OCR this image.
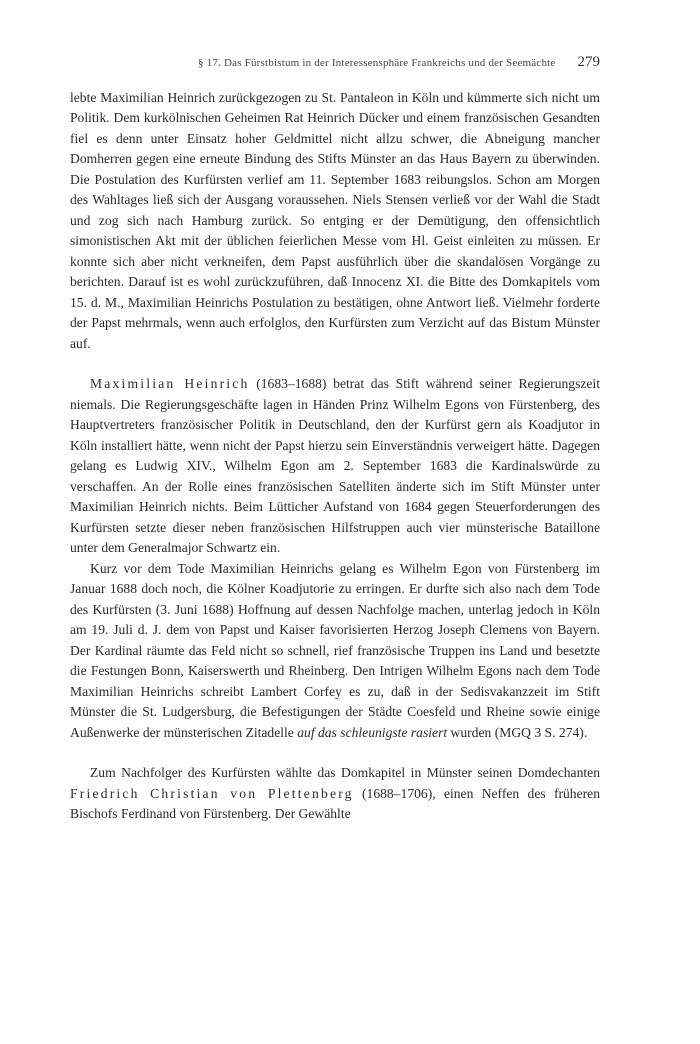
§ 17. Das Fürstbistum in der Interessensphäre Frankreichs und der Seemächte 279

lebte Maximilian Heinrich zurückgezogen zu St. Pantaleon in Köln und kümmerte sich nicht um Politik. Dem kurkölnischen Geheimen Rat Heinrich Dücker und einem französischen Gesandten fiel es denn unter Einsatz hoher Geldmittel nicht allzu schwer, die Abneigung mancher Domherren gegen eine erneute Bindung des Stifts Münster an das Haus Bayern zu überwinden. Die Postulation des Kurfürsten verlief am 11. September 1683 reibungslos. Schon am Morgen des Wahltages ließ sich der Ausgang voraussehen. Niels Stensen verließ vor der Wahl die Stadt und zog sich nach Hamburg zurück. So entging er der Demütigung, den offensichtlich simonistischen Akt mit der üblichen feierlichen Messe vom Hl. Geist einleiten zu müssen. Er konnte sich aber nicht verkneifen, dem Papst ausführlich über die skandalösen Vorgänge zu berichten. Darauf ist es wohl zurückzuführen, daß Innocenz XI. die Bitte des Domkapitels vom 15. d. M., Maximilian Heinrichs Postulation zu bestätigen, ohne Antwort ließ. Vielmehr forderte der Papst mehrmals, wenn auch erfolglos, den Kurfürsten zum Verzicht auf das Bistum Münster auf.

Maximilian Heinrich (1683–1688) betrat das Stift während seiner Regierungszeit niemals. Die Regierungsgeschäfte lagen in Händen Prinz Wilhelm Egons von Fürstenberg, des Hauptvertreters französischer Politik in Deutschland, den der Kurfürst gern als Koadjutor in Köln installiert hätte, wenn nicht der Papst hierzu sein Einverständnis verweigert hätte. Dagegen gelang es Ludwig XIV., Wilhelm Egon am 2. September 1683 die Kardinalswürde zu verschaffen. An der Rolle eines französischen Satelliten änderte sich im Stift Münster unter Maximilian Heinrich nichts. Beim Lütticher Aufstand von 1684 gegen Steuerforderungen des Kurfürsten setzte dieser neben französischen Hilfstruppen auch vier münsterische Bataillone unter dem Generalmajor Schwartz ein.

Kurz vor dem Tode Maximilian Heinrichs gelang es Wilhelm Egon von Fürstenberg im Januar 1688 doch noch, die Kölner Koadjutorie zu erringen. Er durfte sich also nach dem Tode des Kurfürsten (3. Juni 1688) Hoffnung auf dessen Nachfolge machen, unterlag jedoch in Köln am 19. Juli d. J. dem von Papst und Kaiser favorisierten Herzog Joseph Clemens von Bayern. Der Kardinal räumte das Feld nicht so schnell, rief französische Truppen ins Land und besetzte die Festungen Bonn, Kaiserswerth und Rheinberg. Den Intrigen Wilhelm Egons nach dem Tode Maximilian Heinrichs schreibt Lambert Corfey es zu, daß in der Sedisvakanzzeit im Stift Münster die St. Ludgersburg, die Befestigungen der Städte Coesfeld und Rheine sowie einige Außenwerke der münsterischen Zitadelle auf das schleunigste rasiert wurden (MGQ 3 S. 274).

Zum Nachfolger des Kurfürsten wählte das Domkapitel in Münster seinen Domdechanten Friedrich Christian von Plettenberg (1688–1706), einen Neffen des früheren Bischofs Ferdinand von Fürstenberg. Der Gewählte
